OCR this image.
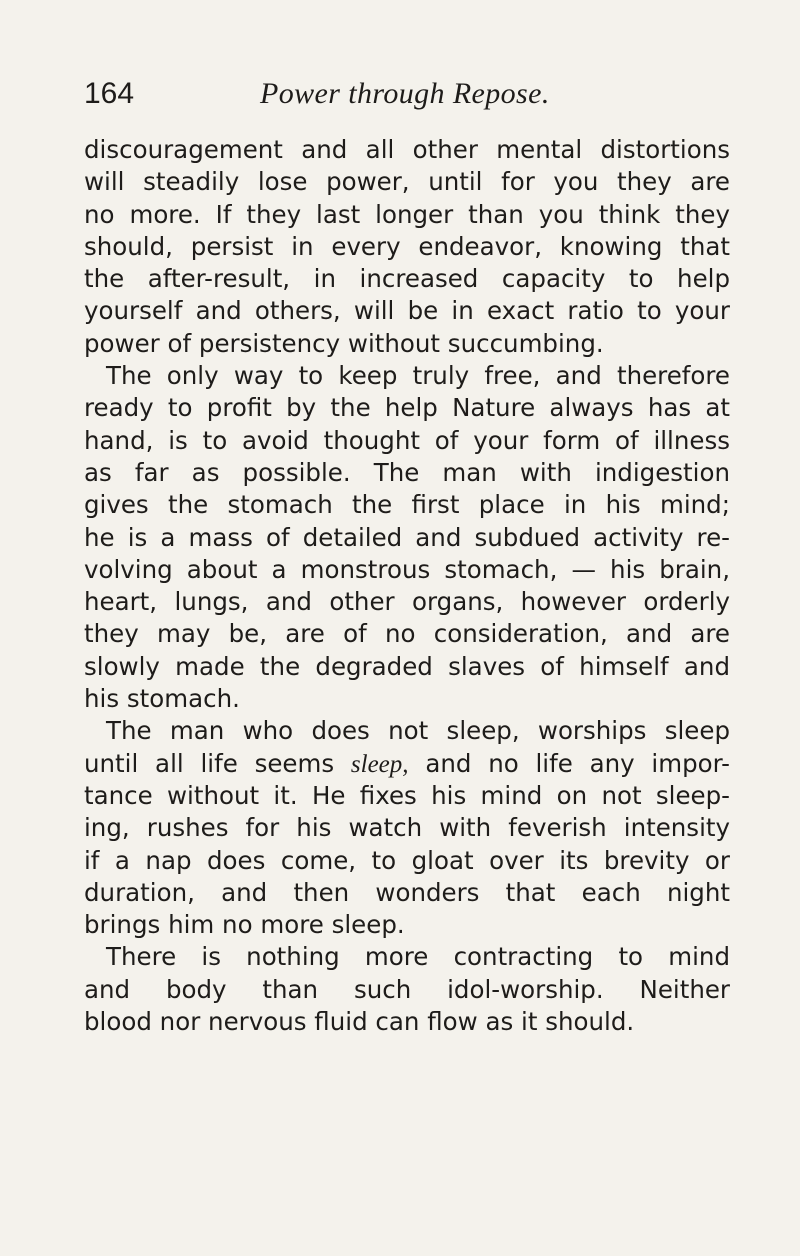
164	Power through Repose.
discouragement and all other mental distortions
will steadily lose power, until for you they are
no more. If they last longer than you think they
should, persist in every endeavor, knowing that
the after-result, in increased capacity to help
yourself and others, will be in exact ratio to your
power of persistency without succumbing.
The only way to keep truly free, and therefore
ready to profit by the help Nature always has at
hand, is to avoid thought of your form of illness
as far as possible. The man with indigestion
gives the stomach the first place in his mind;
he is a mass of detailed and subdued activity re-
volving about a monstrous stomach, — his brain,
heart, lungs, and other organs, however orderly
they may be, are of no consideration, and are
slowly made the degraded slaves of himself and
his stomach.
The man who does not sleep, worships sleep
until all life seems sleep, and no life any impor-
tance without it. He fixes his mind on not sleep-
ing, rushes for his watch with feverish intensity
if a nap does come, to gloat over its brevity or
duration, and then wonders that each night
brings him no more sleep.
There is nothing more contracting to mind
and body than such idol-worship. Neither
blood nor nervous fluid can flow as it should.
